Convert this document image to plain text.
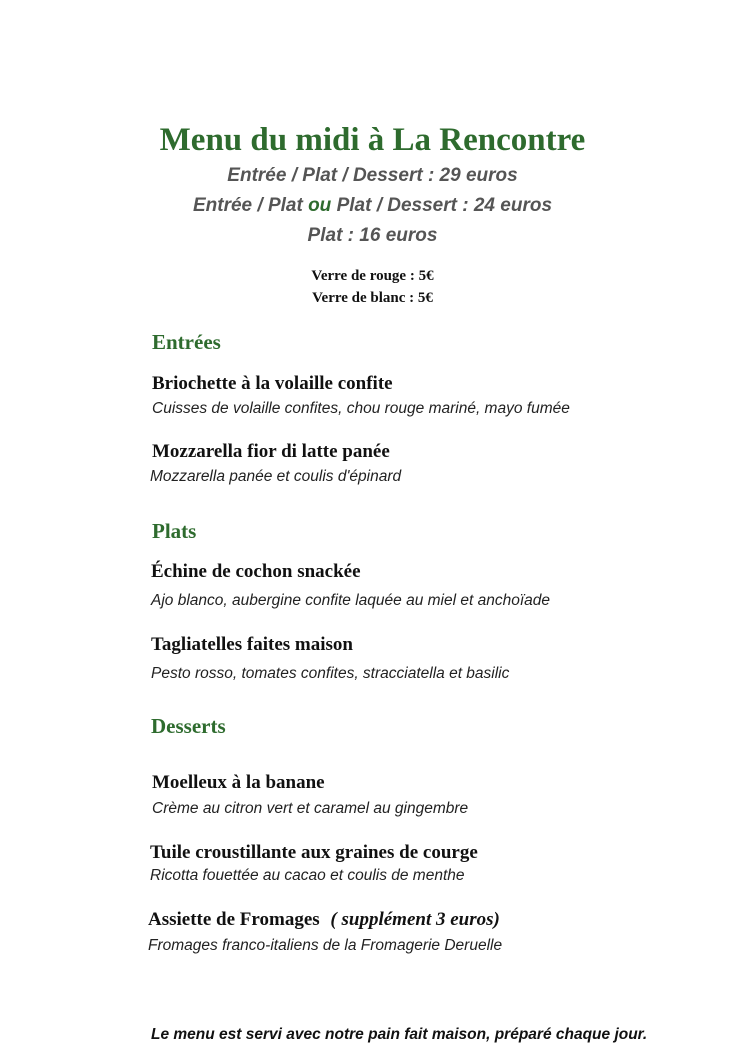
Menu du midi à La Rencontre
Entrée / Plat / Dessert : 29 euros
Entrée / Plat ou Plat / Dessert : 24 euros
Plat : 16 euros
Verre de rouge : 5€
Verre de blanc : 5€
Entrées
Briochette à la volaille confite
Cuisses de volaille confites, chou rouge mariné, mayo fumée
Mozzarella fior di latte panée
Mozzarella panée et coulis d'épinard
Plats
Échine de cochon snackée
Ajo blanco, aubergine confite laquée au miel et anchoïade
Tagliatelles faites maison
Pesto rosso, tomates confites, stracciatella et basilic
Desserts
Moelleux à la banane
Crème au citron vert et caramel au gingembre
Tuile croustillante aux graines de courge
Ricotta fouettée au cacao et coulis de menthe
Assiette de Fromages ( supplément 3 euros)
Fromages franco-italiens de la Fromagerie Deruelle
Le menu est servi avec notre pain fait maison, préparé chaque jour.
